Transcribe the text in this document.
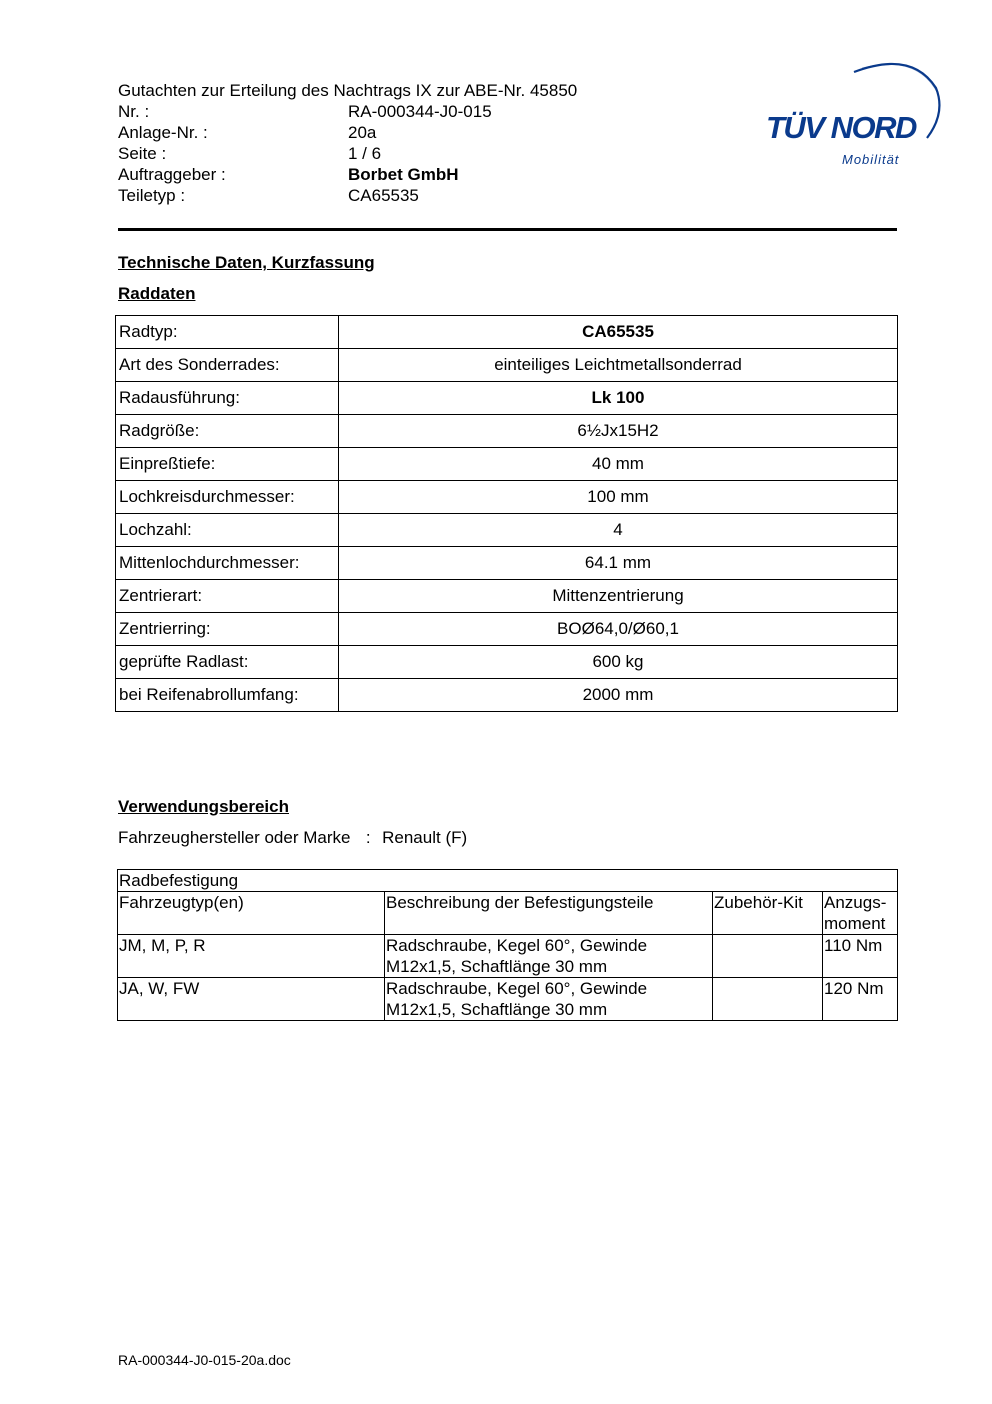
Gutachten zur Erteilung des Nachtrags IX zur ABE-Nr. 45850
Nr. :	RA-000344-J0-015
Anlage-Nr. :	20a
Seite :	1 / 6
Auftraggeber :	Borbet GmbH
Teiletyp :	CA65535
TÜV NORD
Mobilität
Technische Daten, Kurzfassung
Raddaten
Radtyp:	CA65535
Art des Sonderrades:	einteiliges Leichtmetallsonderrad
Radausführung:	Lk 100
Radgröße:	6½Jx15H2
Einpreßtiefe:	40 mm
Lochkreisdurchmesser:	100 mm
Lochzahl:	4
Mittenlochdurchmesser:	64.1 mm
Zentrierart:	Mittenzentrierung
Zentrierring:	BOØ64,0/Ø60,1
geprüfte Radlast:	600 kg
bei Reifenabrollumfang:	2000 mm
Verwendungsbereich
Fahrzeughersteller oder Marke : Renault (F)
Radbefestigung			
Fahrzeugtyp(en)	Beschreibung der Befestigungsteile	Zubehör-Kit	Anzugs-
moment
JM, M, P, R	Radschraube, Kegel 60°, Gewinde M12x1,5, Schaftlänge 30 mm		110 Nm
JA, W, FW	Radschraube, Kegel 60°, Gewinde M12x1,5, Schaftlänge 30 mm		120 Nm
RA-000344-J0-015-20a.doc
